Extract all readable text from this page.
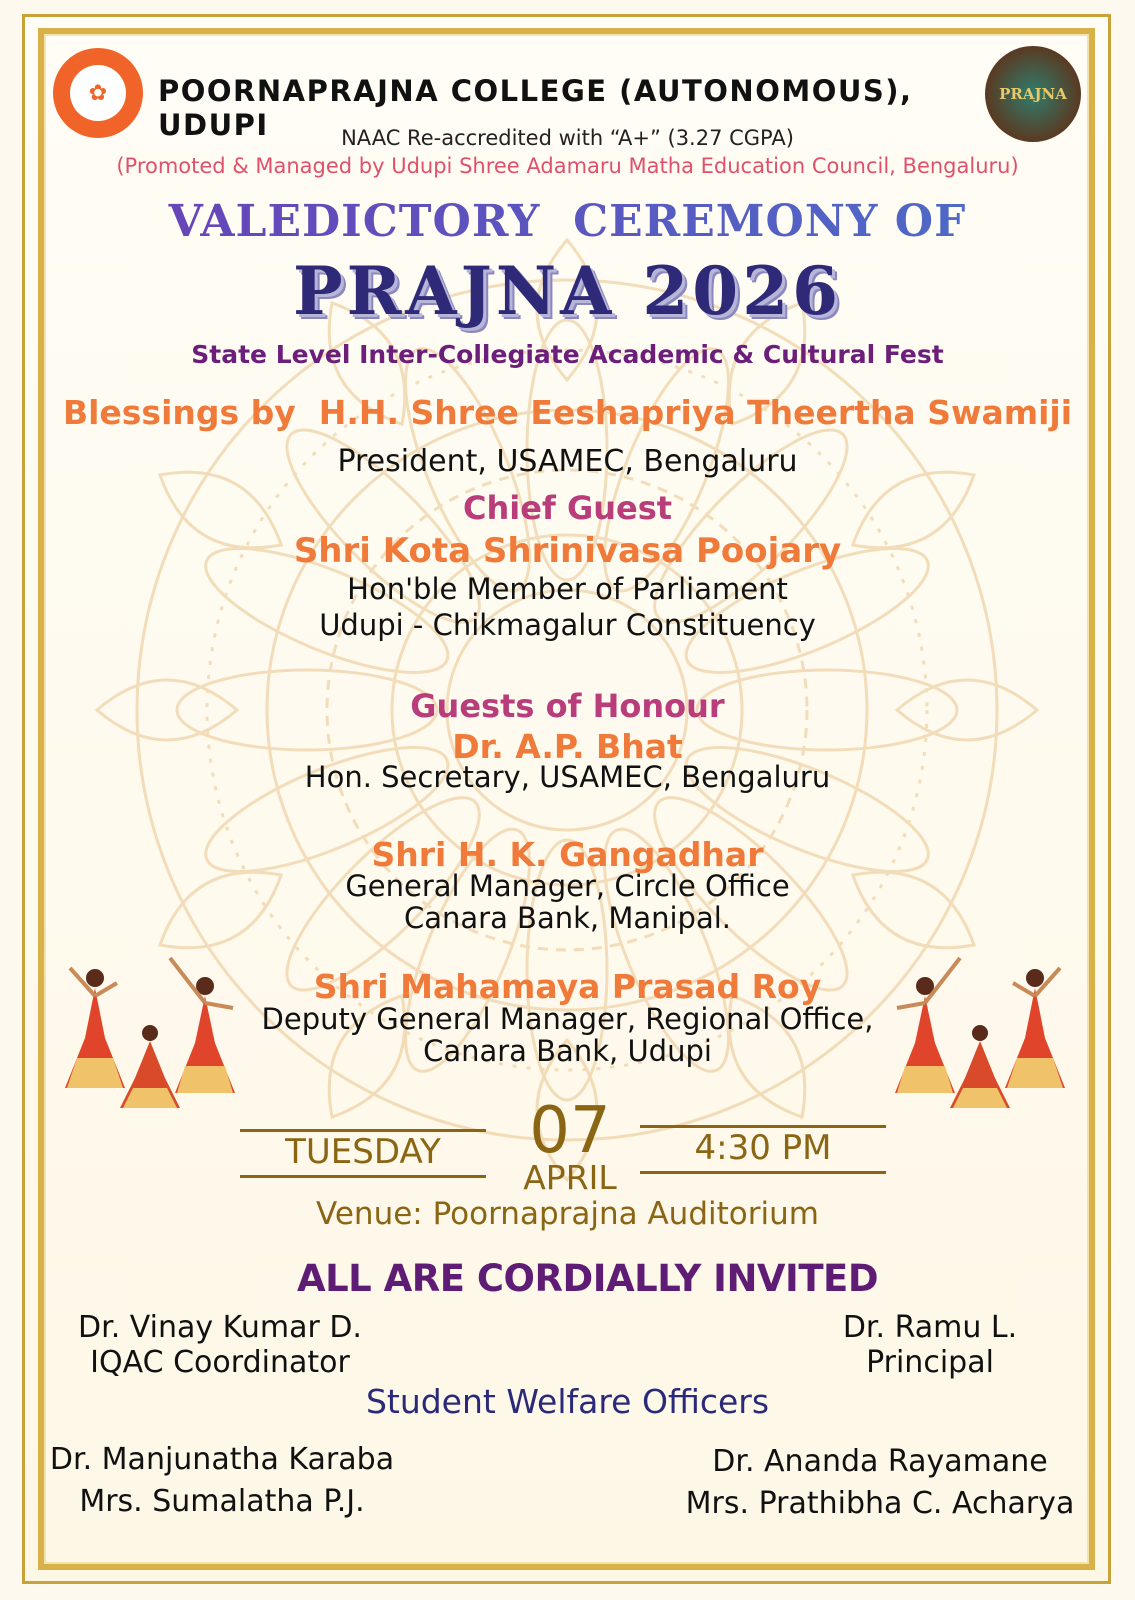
✿	PRAJNA
POORNAPRAJNA COLLEGE (AUTONOMOUS), UDUPI	NAAC Re-accredited with “A+” (3.27 CGPA)
(Promoted & Managed by Udupi Shree Adamaru Matha Education Council, Bengaluru)
VALEDICTORY  CEREMONY OF
PRAJNA 2026
State Level Inter-Collegiate Academic & Cultural Fest
Blessings by  H.H. Shree Eeshapriya Theertha Swamiji
President, USAMEC, Bengaluru
Chief Guest
Shri Kota Shrinivasa Poojary
Hon'ble Member of Parliament
Udupi - Chikmagalur Constituency
Guests of Honour
Dr. A.P. Bhat
Hon. Secretary, USAMEC, Bengaluru
Shri H. K. Gangadhar
General Manager, Circle Office
Canara Bank, Manipal.
Shri Mahamaya Prasad Roy
Deputy General Manager, Regional Office,
Canara Bank, Udupi
TUESDAY	07
APRIL
4:30 PM
Venue: Poornaprajna Auditorium
ALL ARE CORDIALLY INVITED
Dr. Vinay Kumar D.
IQAC Coordinator
Dr. Ramu L.
Principal
Student Welfare Officers
Dr. Manjunatha Karaba
Mrs. Sumalatha P.J.
Dr. Ananda Rayamane
Mrs. Prathibha C. Acharya
